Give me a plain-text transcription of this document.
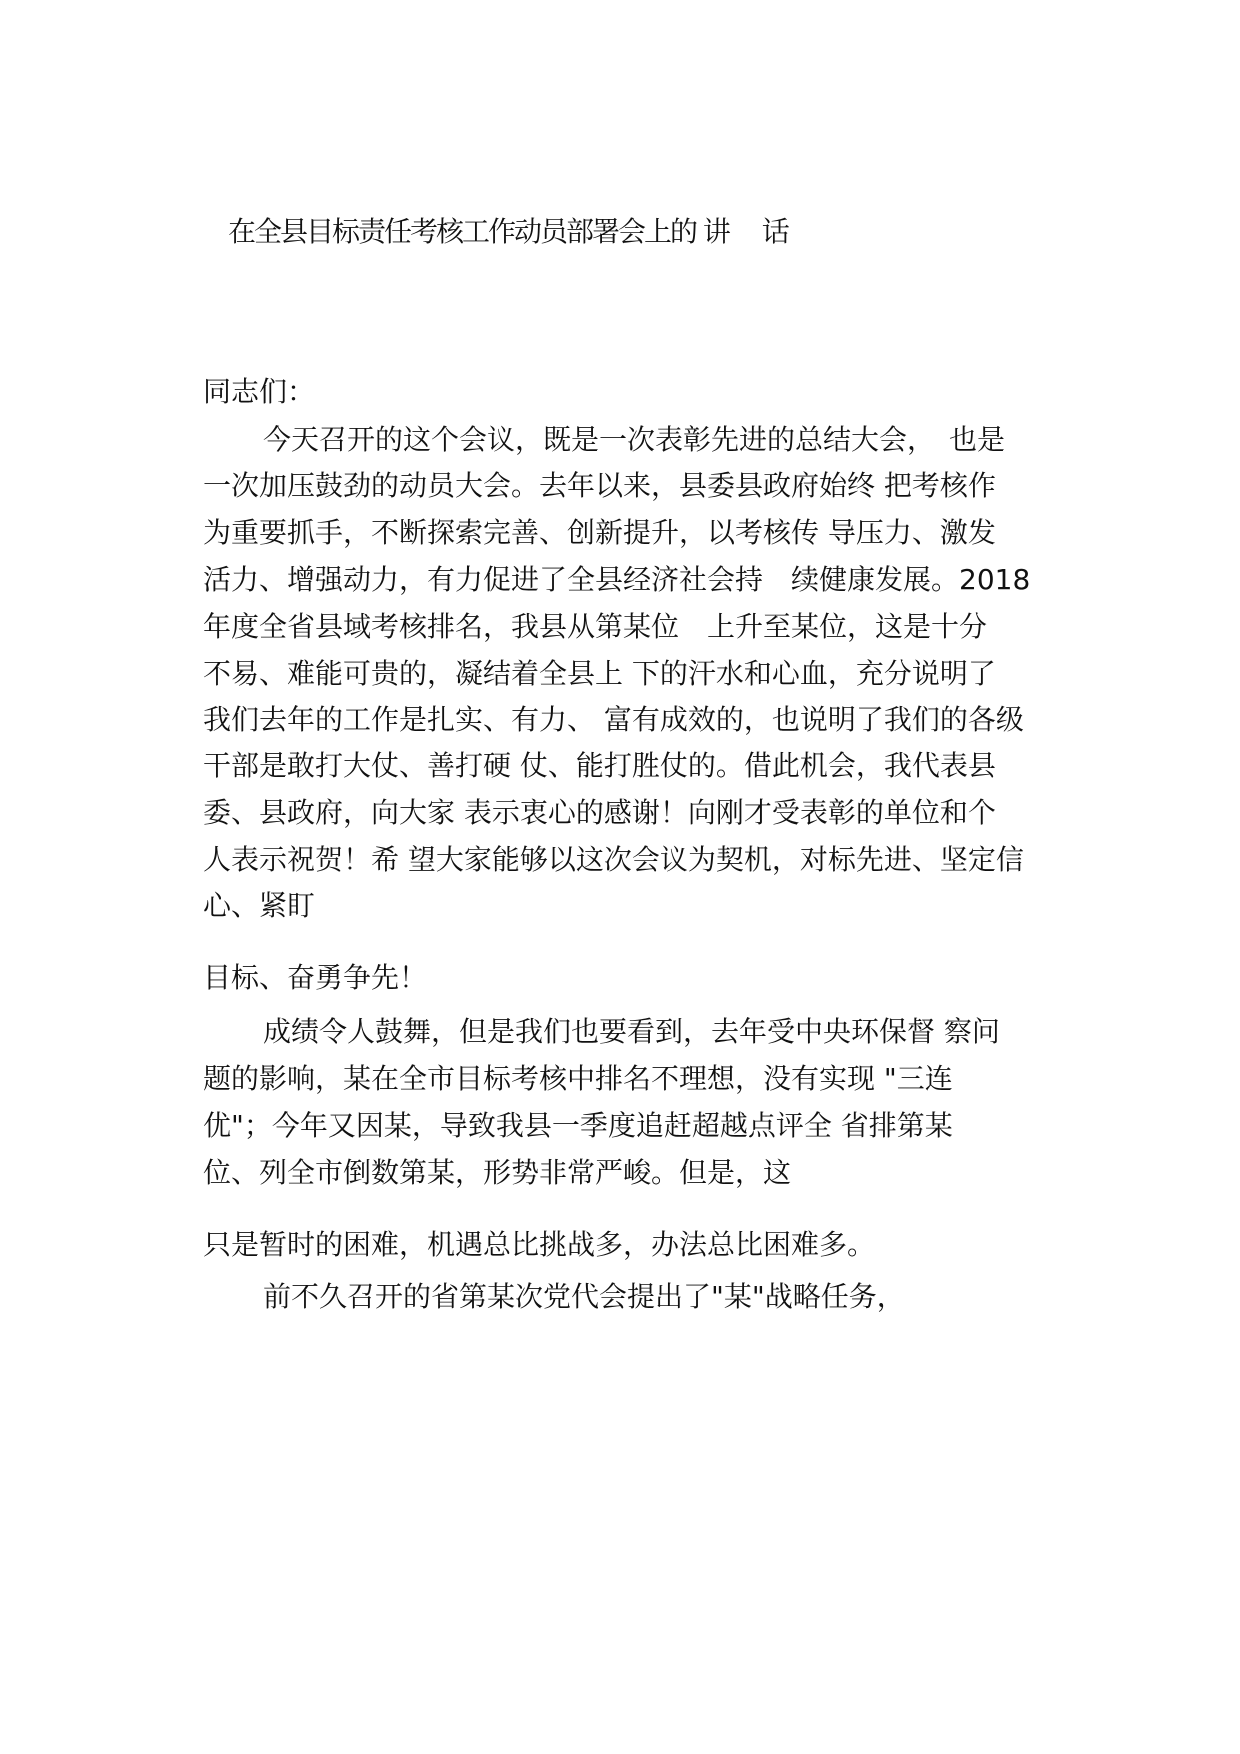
在全县目标责任考核工作动员部署会上的 讲　 话
同志们：
今天召开的这个会议，既是一次表彰先进的总结大会，　也是
一次加压鼓劲的动员大会。去年以来，县委县政府始终 把考核作
为重要抓手，不断探索完善、创新提升，以考核传 导压力、激发
活力、增强动力，有力促进了全县经济社会持　续健康发展。2018
年度全省县域考核排名，我县从第某位　上升至某位，这是十分
不易、难能可贵的，凝结着全县上 下的汗水和心血，充分说明了
我们去年的工作是扎实、有力、 富有成效的，也说明了我们的各级
干部是敢打大仗、善打硬 仗、能打胜仗的。借此机会，我代表县
委、县政府，向大家 表示衷心的感谢！向刚才受表彰的单位和个
人表示祝贺！希 望大家能够以这次会议为契机，对标先进、坚定信
心、紧盯
目标、奋勇争先！
成绩令人鼓舞，但是我们也要看到，去年受中央环保督 察问
题的影响，某在全市目标考核中排名不理想，没有实现 "三连
优"；今年又因某，导致我县一季度追赶超越点评全 省排第某
位、列全市倒数第某，形势非常严峻。但是，这
只是暂时的困难，机遇总比挑战多，办法总比困难多。
前不久召开的省第某次党代会提出了"某"战略任务，
